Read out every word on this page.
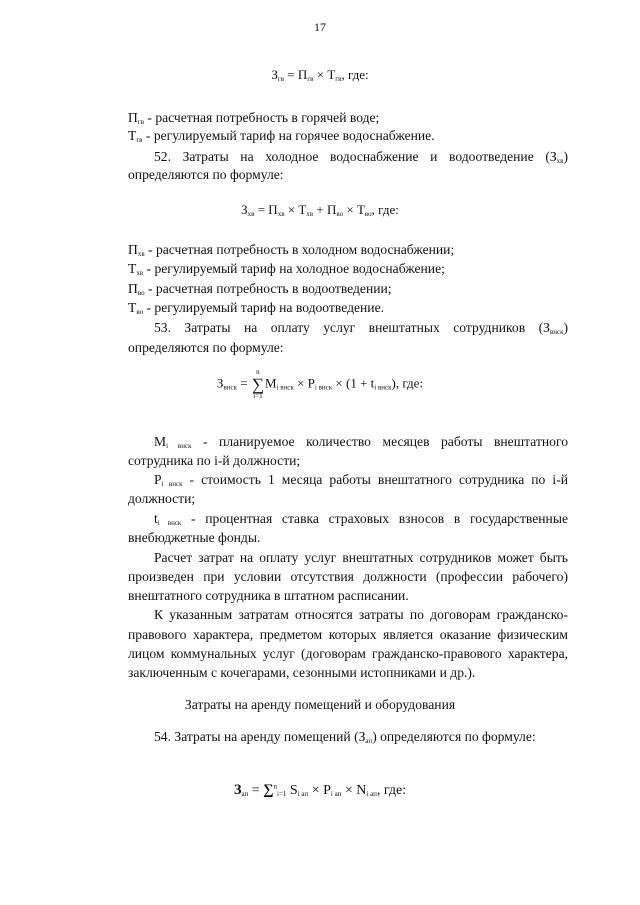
17
$З_{гв} = П_{гв} \times Т_{гв}$, где:
$П_{гв}$ - расчетная потребность в горячей воде;
$Т_{гв}$ - регулируемый тариф на горячее водоснабжение.
52. Затраты на холодное водоснабжение и водоотведение $(З_{хв})$
определяются по формуле:
$З_{хв} = П_{хв} \times Т_{хв} + П_{во} \times Т_{во}$, где:
$П_{хв}$ - расчетная потребность в холодном водоснабжении;
$Т_{хв}$ - регулируемый тариф на холодное водоснабжение;
$П_{во}$ - расчетная потребность в водоотведении;
$Т_{во}$ - регулируемый тариф на водоотведение.
53. Затраты на оплату услуг внештатных сотрудников $(З_{внск})$
определяются по формуле:
$З_{внск}$ =
n
∑
i=1
$M_{i внск} \times P_{i внск} \times (1 + t_{i внск})$, где:
$M_{i внск}$ - планируемое количество месяцев работы внештатного
сотрудника по i-й должности;
$P_{i внск}$ - стоимость 1 месяца работы внештатного сотрудника по i-й
должности;
$t_{i внск}$ - процентная ставка страховых взносов в государственные
внебюджетные фонды.
Расчет затрат на оплату услуг внештатных сотрудников может быть
произведен при условии отсутствия должности (профессии рабочего)
внештатного сотрудника в штатном расписании.
К указанным затратам относятся затраты по договорам гражданско-
правового характера, предметом которых является оказание физическим
лицом коммунальных услуг (договорам гражданско-правового характера,
заключенным с кочегарами, сезонными истопниками и др.).
Затраты на аренду помещений и оборудования
54. Затраты на аренду помещений $(З_{ап})$ определяются по формуле:
$З_{ап} = \sum^n_{i=1}$ $S_{i ап} \times P_{i ап} \times N_{i ап}$, где:
